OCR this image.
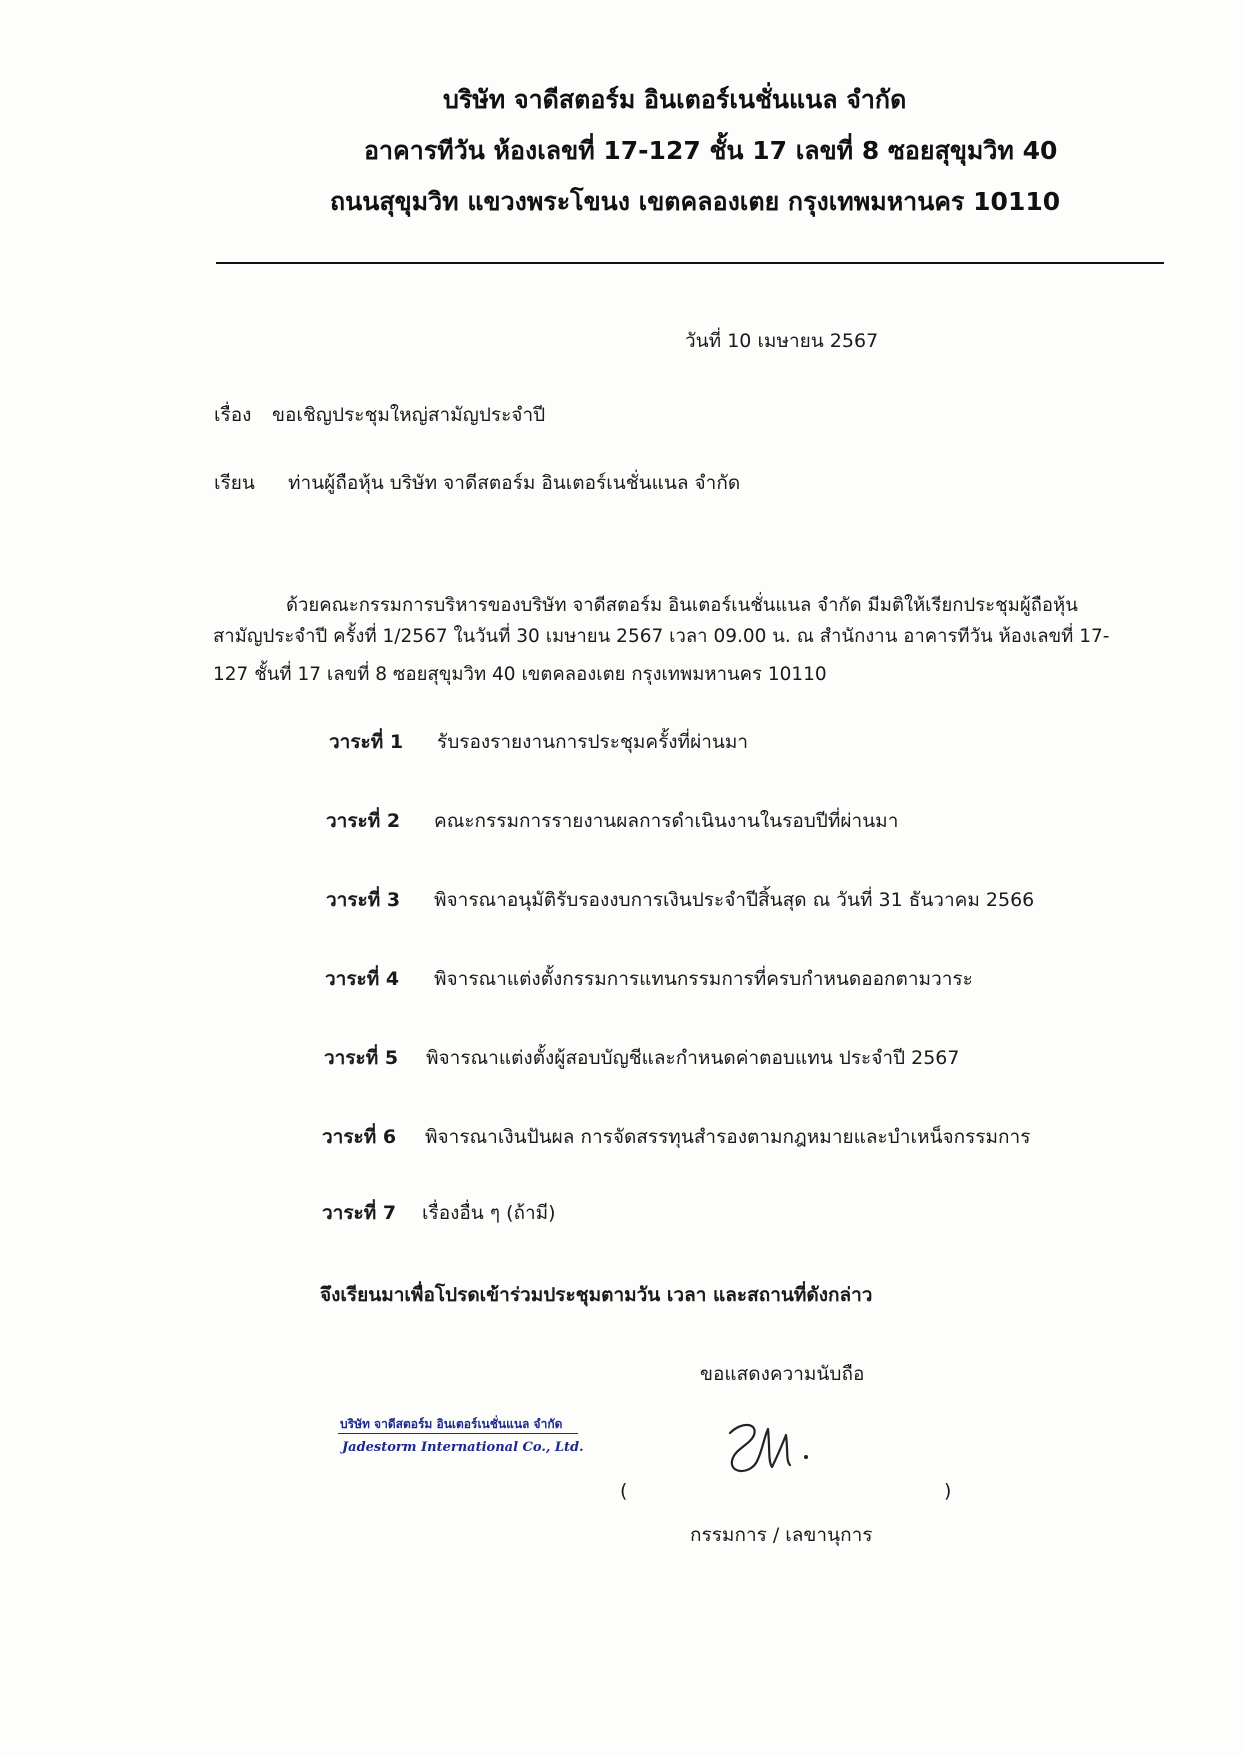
บริษัท จาดีสตอร์ม อินเตอร์เนชั่นแนล จำกัด
อาคารทีวัน ห้องเลขที่ 17-127 ชั้น 17 เลขที่ 8 ซอยสุขุมวิท 40
ถนนสุขุมวิท แขวงพระโขนง เขตคลองเตย กรุงเทพมหานคร 10110
วันที่ 10 เมษายน 2567
เรื่อง ขอเชิญประชุมใหญ่สามัญประจำปี
เรียน ท่านผู้ถือหุ้น บริษัท จาดีสตอร์ม อินเตอร์เนชั่นแนล จำกัด
ด้วยคณะกรรมการบริหารของบริษัท จาดีสตอร์ม อินเตอร์เนชั่นแนล จำกัด มีมติให้เรียกประชุมผู้ถือหุ้น
สามัญประจำปี ครั้งที่ 1/2567 ในวันที่ 30 เมษายน 2567 เวลา 09.00 น. ณ สำนักงาน อาคารทีวัน ห้องเลขที่ 17-
127 ชั้นที่ 17 เลขที่ 8 ซอยสุขุมวิท 40 เขตคลองเตย กรุงเทพมหานคร 10110
วาระที่ 1 รับรองรายงานการประชุมครั้งที่ผ่านมา
วาระที่ 2 คณะกรรมการรายงานผลการดำเนินงานในรอบปีที่ผ่านมา
วาระที่ 3 พิจารณาอนุมัติรับรองงบการเงินประจำปีสิ้นสุด ณ วันที่ 31 ธันวาคม 2566
วาระที่ 4 พิจารณาแต่งตั้งกรรมการแทนกรรมการที่ครบกำหนดออกตามวาระ
วาระที่ 5 พิจารณาแต่งตั้งผู้สอบบัญชีและกำหนดค่าตอบแทน ประจำปี 2567
วาระที่ 6 พิจารณาเงินปันผล การจัดสรรทุนสำรองตามกฎหมายและบำเหน็จกรรมการ
วาระที่ 7 เรื่องอื่น ๆ (ถ้ามี)
จึงเรียนมาเพื่อโปรดเข้าร่วมประชุมตามวัน เวลา และสถานที่ดังกล่าว
ขอแสดงความนับถือ
บริษัท จาดีสตอร์ม อินเตอร์เนชั่นแนล จำกัด
Jadestorm International Co., Ltd.
(	)
กรรมการ / เลขานุการ
